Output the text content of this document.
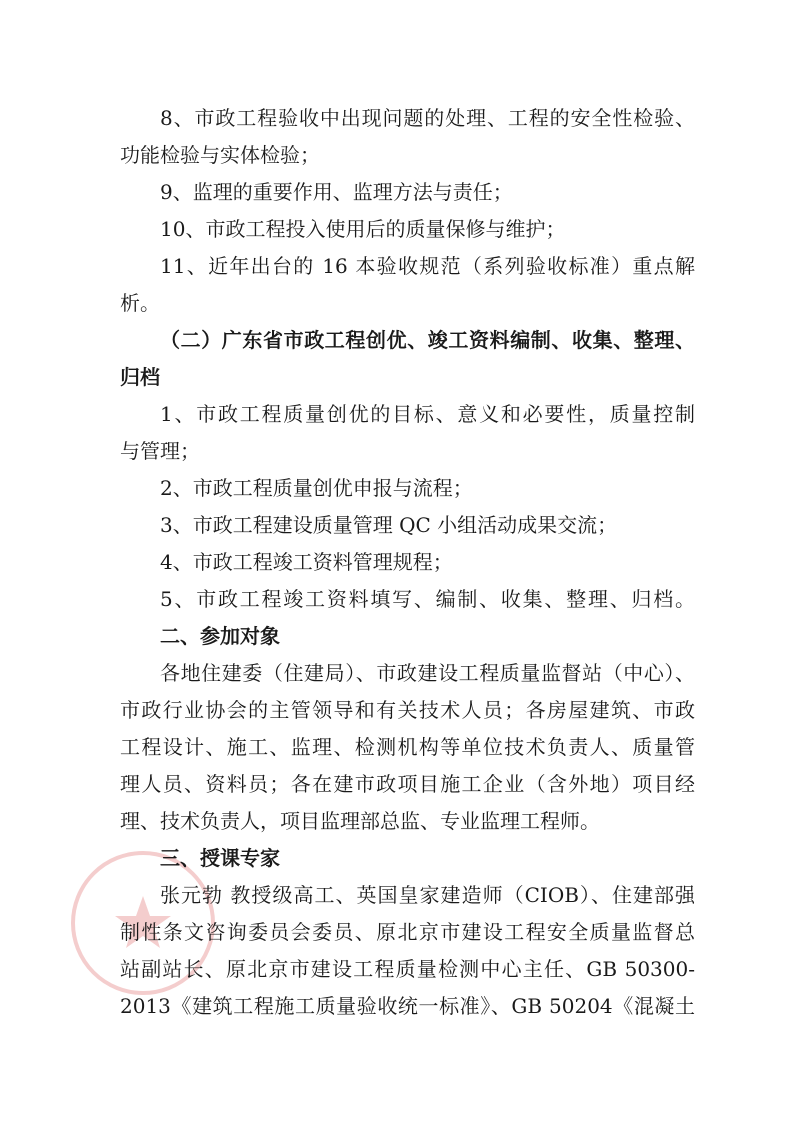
8、市政工程验收中出现问题的处理、工程的安全性检验、
功能检验与实体检验；
9、监理的重要作用、监理方法与责任；
10、市政工程投入使用后的质量保修与维护；
11、近年出台的 16 本验收规范（系列验收标准）重点解
析。
（二）广东省市政工程创优、竣工资料编制、收集、整理、
归档
1、市政工程质量创优的目标、意义和必要性，质量控制
与管理；
2、市政工程质量创优申报与流程；
3、市政工程建设质量管理 QC 小组活动成果交流；
4、市政工程竣工资料管理规程；
5、市政工程竣工资料填写、编制、收集、整理、归档。
二、参加对象
各地住建委（住建局）、市政建设工程质量监督站（中心）、
市政行业协会的主管领导和有关技术人员；各房屋建筑、市政
工程设计、施工、监理、检测机构等单位技术负责人、质量管
理人员、资料员；各在建市政项目施工企业（含外地）项目经
理、技术负责人，项目监理部总监、专业监理工程师。
三、授课专家
张元勃 教授级高工、英国皇家建造师（CIOB）、住建部强
制性条文咨询委员会委员、原北京市建设工程安全质量监督总
站副站长、原北京市建设工程质量检测中心主任、GB 50300-
2013《建筑工程施工质量验收统一标准》、GB 50204《混凝土
